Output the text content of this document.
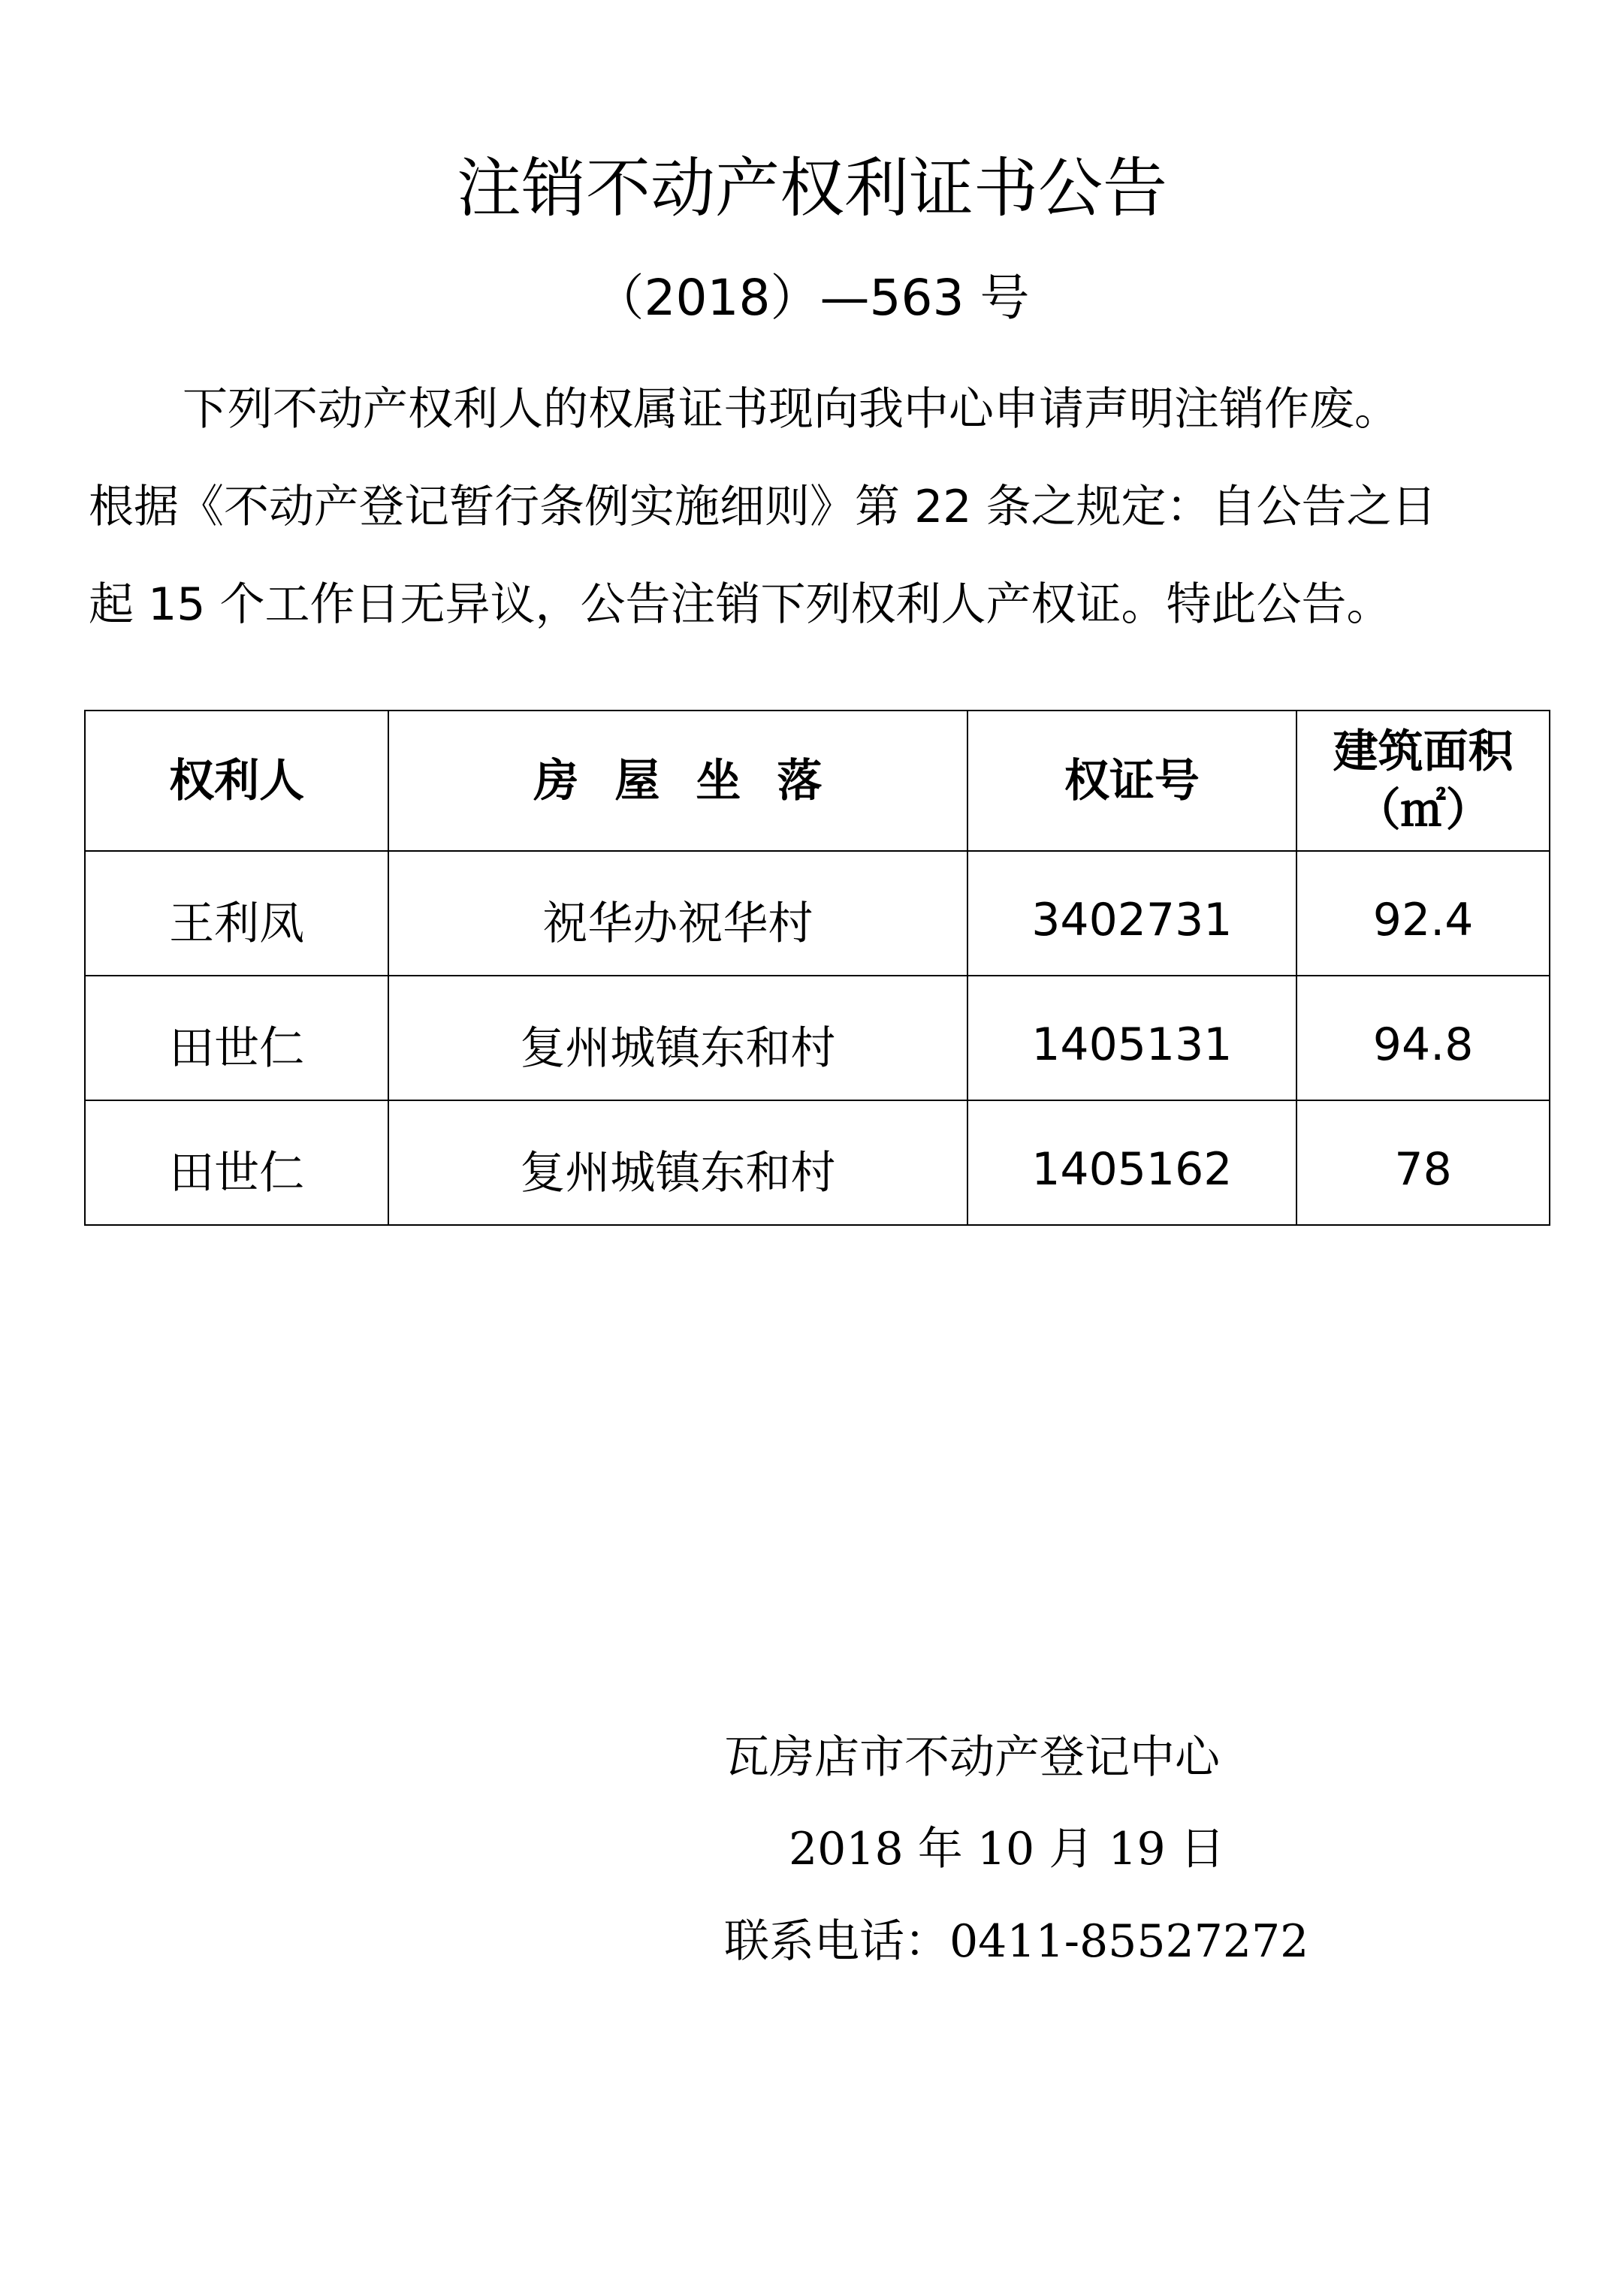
注销不动产权利证书公告
（2018）—563 号

下列不动产权利人的权属证书现向我中心申请声明注销作废。
根据《不动产登记暂行条例实施细则》第 22 条之规定：自公告之日
起 15 个工作日无异议，公告注销下列权利人产权证。特此公告。

权利人	房屋坐落	权证号	建筑面积
（㎡）

王利凤	祝华办祝华村	3402731	92.4
田世仁	复州城镇东和村	1405131	94.8
田世仁	复州城镇东和村	1405162	78
瓦房店市不动产登记中心
2018 年 10 月 19 日
联系电话：0411-85527272
